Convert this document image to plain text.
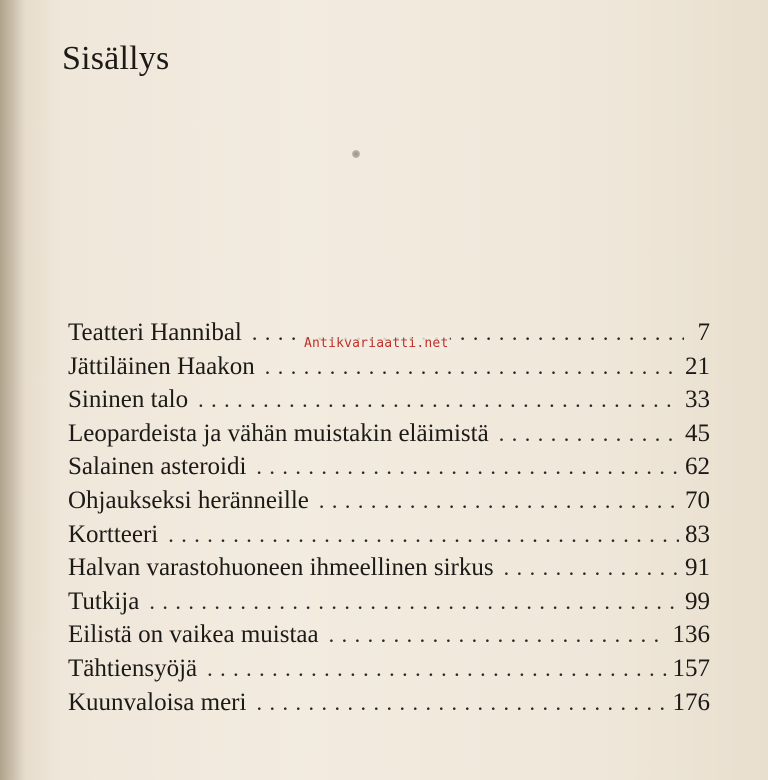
Sisällys
Teatteri Hannibal . . .	7
Jättiläinen Haakon . . .	21
Sininen talo . . .	33
Leopardeista ja vähän muistakin eläimistä . . .	45
Salainen asteroidi . . .	62
Ohjaukseksi heränneille . . .	70
Kortteeri . . .	83
Halvan varastohuoneen ihmeellinen sirkus . . .	91
Tutkija . . .	99
Eilistä on vaikea muistaa . . .	136
Tähtiensyöjä . . .	157
Kuunvaloisa meri . . .	176
Antikvariaatti.net
